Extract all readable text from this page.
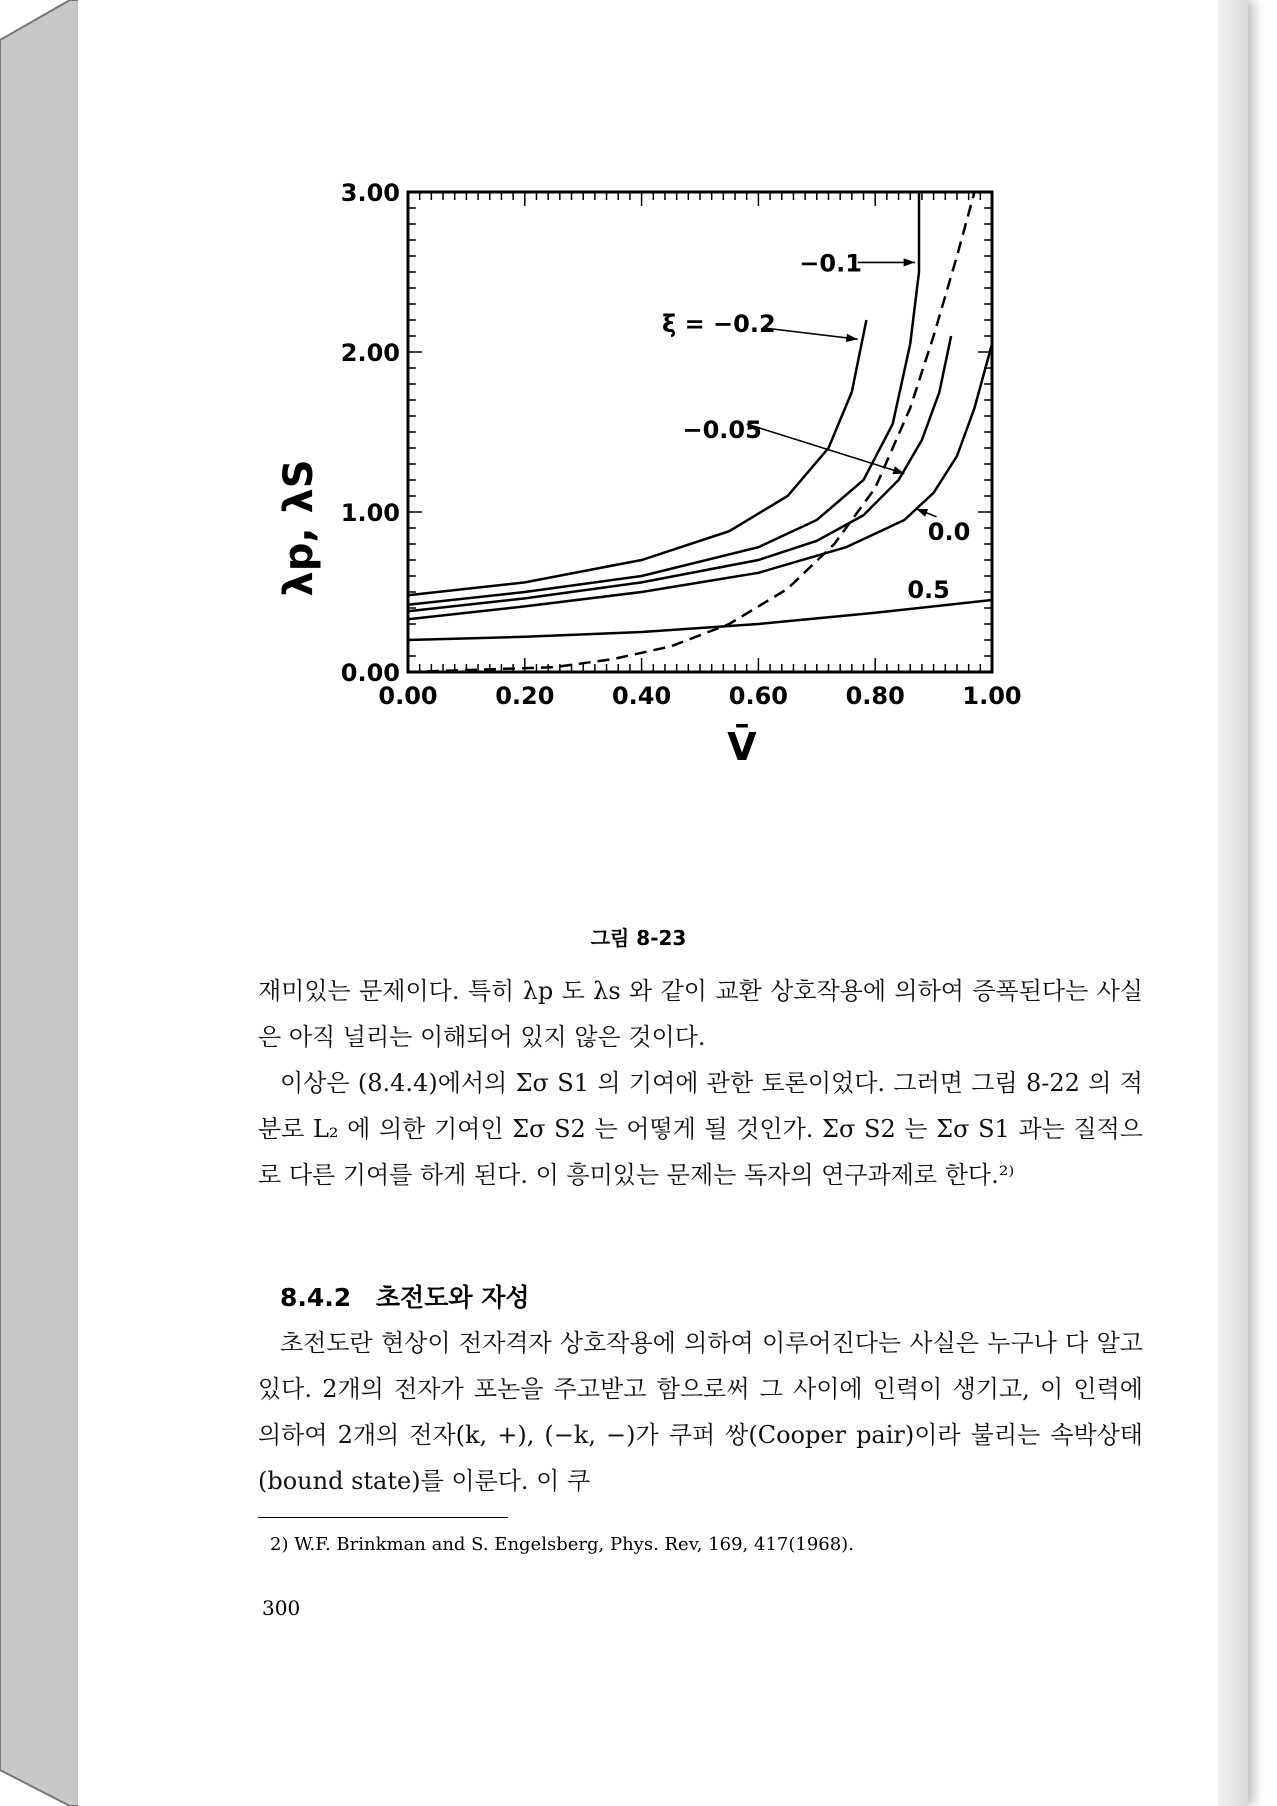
0.00 0.20 0.40 0.60 0.80 1.00
0.00
1.00
2.00
3.00
ξ = −0.2
−0.1
−0.05
0.0
0.5
λp, λS
V̄
그림 8-23

재미있는 문제이다. 특히 λp 도 λs 와 같이 교환 상호작용에 의하여 증폭된다는 사실은 아직 널리는 이해되어 있지 않은 것이다.

이상은 (8.4.4)에서의 Σσ S1 의 기여에 관한 토론이었다. 그러면 그림 8-22 의 적분로 L₂ 에 의한 기여인 Σσ S2 는 어떻게 될 것인가. Σσ S2 는 Σσ S1 과는 질적으로 다른 기여를 하게 된다. 이 흥미있는 문제는 독자의 연구과제로 한다.²⁾

8.4.2 초전도와 자성

초전도란 현상이 전자격자 상호작용에 의하여 이루어진다는 사실은 누구나 다 알고 있다. 2개의 전자가 포논을 주고받고 함으로써 그 사이에 인력이 생기고, 이 인력에 의하여 2개의 전자(k, +), (−k, −)가 쿠퍼 쌍(Cooper pair)이라 불리는 속박상태(bound state)를 이룬다. 이 쿠

2) W.F. Brinkman and S. Engelsberg, Phys. Rev, 169, 417(1968).
300
